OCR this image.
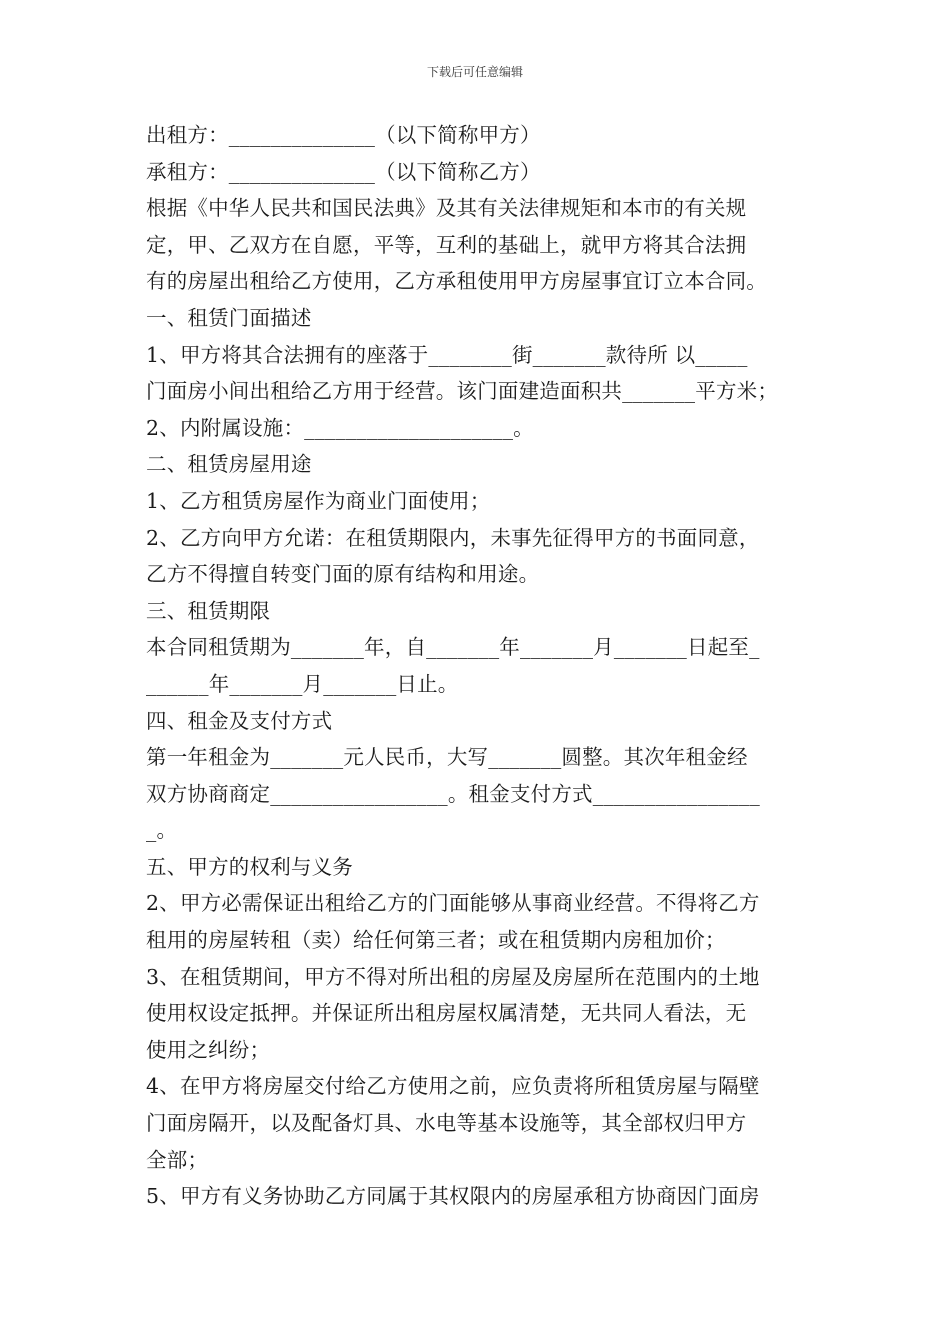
下载后可任意编辑
出租方：______________（以下简称甲方）
承租方：______________（以下简称乙方）
根据《中华人民共和国民法典》及其有关法律规矩和本市的有关规
定，甲、乙双方在自愿，平等，互利的基础上，就甲方将其合法拥
有的房屋出租给乙方使用，乙方承租使用甲方房屋事宜订立本合同。
一、租赁门面描述
1、甲方将其合法拥有的座落于________街_______款待所 以_____
门面房小间出租给乙方用于经营。该门面建造面积共_______平方米；
2、内附属设施：____________________。
二、租赁房屋用途
1、乙方租赁房屋作为商业门面使用；
2、乙方向甲方允诺：在租赁期限内，未事先征得甲方的书面同意，
乙方不得擅自转变门面的原有结构和用途。
三、租赁期限
本合同租赁期为_______年，自_______年_______月_______日起至_
______年_______月_______日止。
四、租金及支付方式
第一年租金为_______元人民币，大写_______圆整。其次年租金经
双方协商商定_________________。租金支付方式________________
_。
五、甲方的权利与义务
2、甲方必需保证出租给乙方的门面能够从事商业经营。不得将乙方
租用的房屋转租（卖）给任何第三者；或在租赁期内房租加价；
3、在租赁期间，甲方不得对所出租的房屋及房屋所在范围内的土地
使用权设定抵押。并保证所出租房屋权属清楚，无共同人看法，无
使用之纠纷；
4、在甲方将房屋交付给乙方使用之前，应负责将所租赁房屋与隔壁
门面房隔开，以及配备灯具、水电等基本设施等，其全部权归甲方
全部；
5、甲方有义务协助乙方同属于其权限内的房屋承租方协商因门面房
